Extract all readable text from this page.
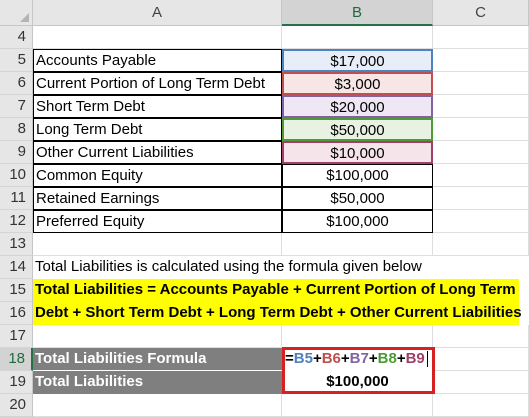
A	B	C
4
5 Accounts Payable	$17,000
6 Current Portion of Long Term Debt	$3,000
7 Short Term Debt	$20,000
8 Long Term Debt	$50,000
9 Other Current Liabilities	$10,000
10 Common Equity	$100,000
11 Retained Earnings	$50,000
12 Preferred Equity	$100,000
13
14 Total Liabilities is calculated using the formula given below
15 Total Liabilities = Accounts Payable + Current Portion of Long Term
16 Debt + Short Term Debt + Long Term Debt + Other Current Liabilities
17
18 Total Liabilities Formula	=B5+B6+B7+B8+B9
19 Total Liabilities	$100,000
20
